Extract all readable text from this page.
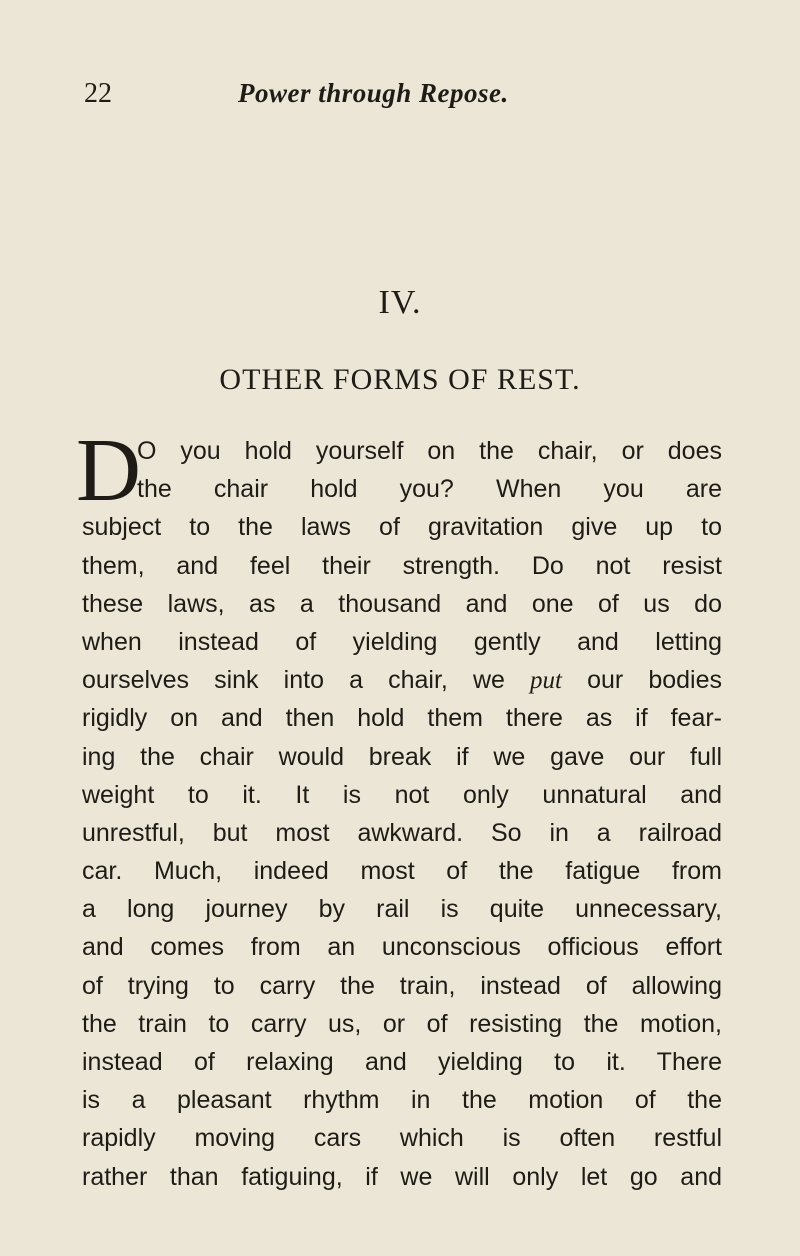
22	Power through Repose.
IV.
OTHER FORMS OF REST.
D
O you hold yourself on the chair, or does
the chair hold you? When you are
subject to the laws of gravitation give up to
them, and feel their strength. Do not resist
these laws, as a thousand and one of us do
when instead of yielding gently and letting
ourselves sink into a chair, we put our bodies
rigidly on and then hold them there as if fear-
ing the chair would break if we gave our full
weight to it. It is not only unnatural and
unrestful, but most awkward. So in a railroad
car. Much, indeed most of the fatigue from
a long journey by rail is quite unnecessary,
and comes from an unconscious officious effort
of trying to carry the train, instead of allowing
the train to carry us, or of resisting the motion,
instead of relaxing and yielding to it. There
is a pleasant rhythm in the motion of the
rapidly moving cars which is often restful
rather than fatiguing, if we will only let go and
